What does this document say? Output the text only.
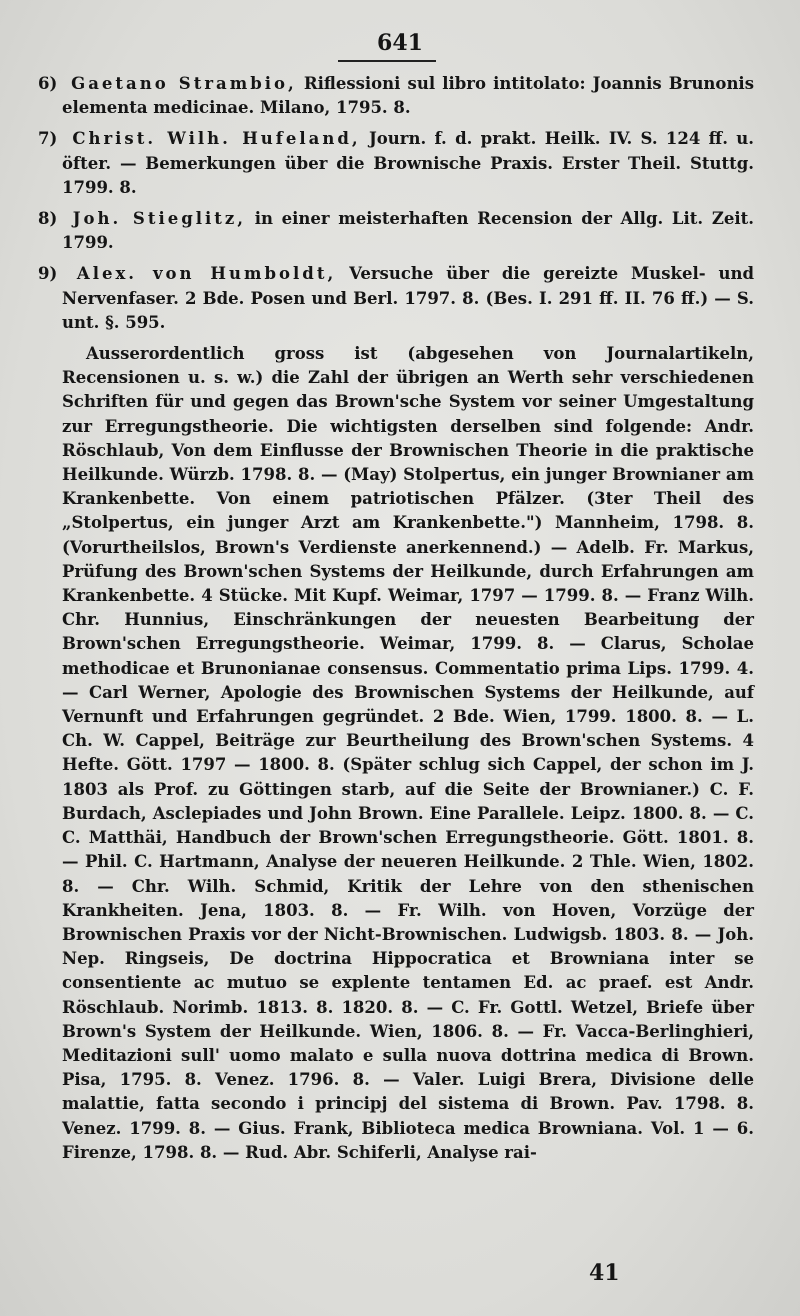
641

6) Gaetano Strambio, Riflessioni sul libro intitolato: Joannis Brunonis elementa medicinae. Milano, 1795. 8.

7) Christ. Wilh. Hufeland, Journ. f. d. prakt. Heilk. IV. S. 124 ff. u. öfter. — Bemerkungen über die Brownische Praxis. Erster Theil. Stuttg. 1799. 8.

8) Joh. Stieglitz, in einer meisterhaften Recension der Allg. Lit. Zeit. 1799.

9) Alex. von Humboldt, Versuche über die gereizte Muskel- und Nervenfaser. 2 Bde. Posen und Berl. 1797. 8. (Bes. I. 291 ff. II. 76 ff.) — S. unt. §. 595.

Ausserordentlich gross ist (abgesehen von Journalartikeln, Recensionen u. s. w.) die Zahl der übrigen an Werth sehr verschiedenen Schriften für und gegen das Brown'sche System vor seiner Umgestaltung zur Erregungstheorie. Die wichtigsten derselben sind folgende: Andr. Röschlaub, Von dem Einflusse der Brownischen Theorie in die praktische Heilkunde. Würzb. 1798. 8. — (May) Stolpertus, ein junger Brownianer am Krankenbette. Von einem patriotischen Pfälzer. (3ter Theil des „Stolpertus, ein junger Arzt am Krankenbette.") Mannheim, 1798. 8. (Vorurtheilslos, Brown's Verdienste anerkennend.) — Adelb. Fr. Markus, Prüfung des Brown'schen Systems der Heilkunde, durch Erfahrungen am Krankenbette. 4 Stücke. Mit Kupf. Weimar, 1797 — 1799. 8. — Franz Wilh. Chr. Hunnius, Einschränkungen der neuesten Bearbeitung der Brown'schen Erregungstheorie. Weimar, 1799. 8. — Clarus, Scholae methodicae et Brunonianae consensus. Commentatio prima Lips. 1799. 4. — Carl Werner, Apologie des Brownischen Systems der Heilkunde, auf Vernunft und Erfahrungen gegründet. 2 Bde. Wien, 1799. 1800. 8. — L. Ch. W. Cappel, Beiträge zur Beurtheilung des Brown'schen Systems. 4 Hefte. Gött. 1797 — 1800. 8. (Später schlug sich Cappel, der schon im J. 1803 als Prof. zu Göttingen starb, auf die Seite der Brownianer.) C. F. Burdach, Asclepiades und John Brown. Eine Parallele. Leipz. 1800. 8. — C. C. Matthäi, Handbuch der Brown'schen Erregungstheorie. Gött. 1801. 8. — Phil. C. Hartmann, Analyse der neueren Heilkunde. 2 Thle. Wien, 1802. 8. — Chr. Wilh. Schmid, Kritik der Lehre von den sthenischen Krankheiten. Jena, 1803. 8. — Fr. Wilh. von Hoven, Vorzüge der Brownischen Praxis vor der Nicht-Brownischen. Ludwigsb. 1803. 8. — Joh. Nep. Ringseis, De doctrina Hippocratica et Browniana inter se consentiente ac mutuo se explente tentamen Ed. ac praef. est Andr. Röschlaub. Norimb. 1813. 8. 1820. 8. — C. Fr. Gottl. Wetzel, Briefe über Brown's System der Heilkunde. Wien, 1806. 8. — Fr. Vacca-Berlinghieri, Meditazioni sull' uomo malato e sulla nuova dottrina medica di Brown. Pisa, 1795. 8. Venez. 1796. 8. — Valer. Luigi Brera, Divisione delle malattie, fatta secondo i principj del sistema di Brown. Pav. 1798. 8. Venez. 1799. 8. — Gius. Frank, Biblioteca medica Browniana. Vol. 1 — 6. Firenze, 1798. 8. — Rud. Abr. Schiferli, Analyse rai-

41
